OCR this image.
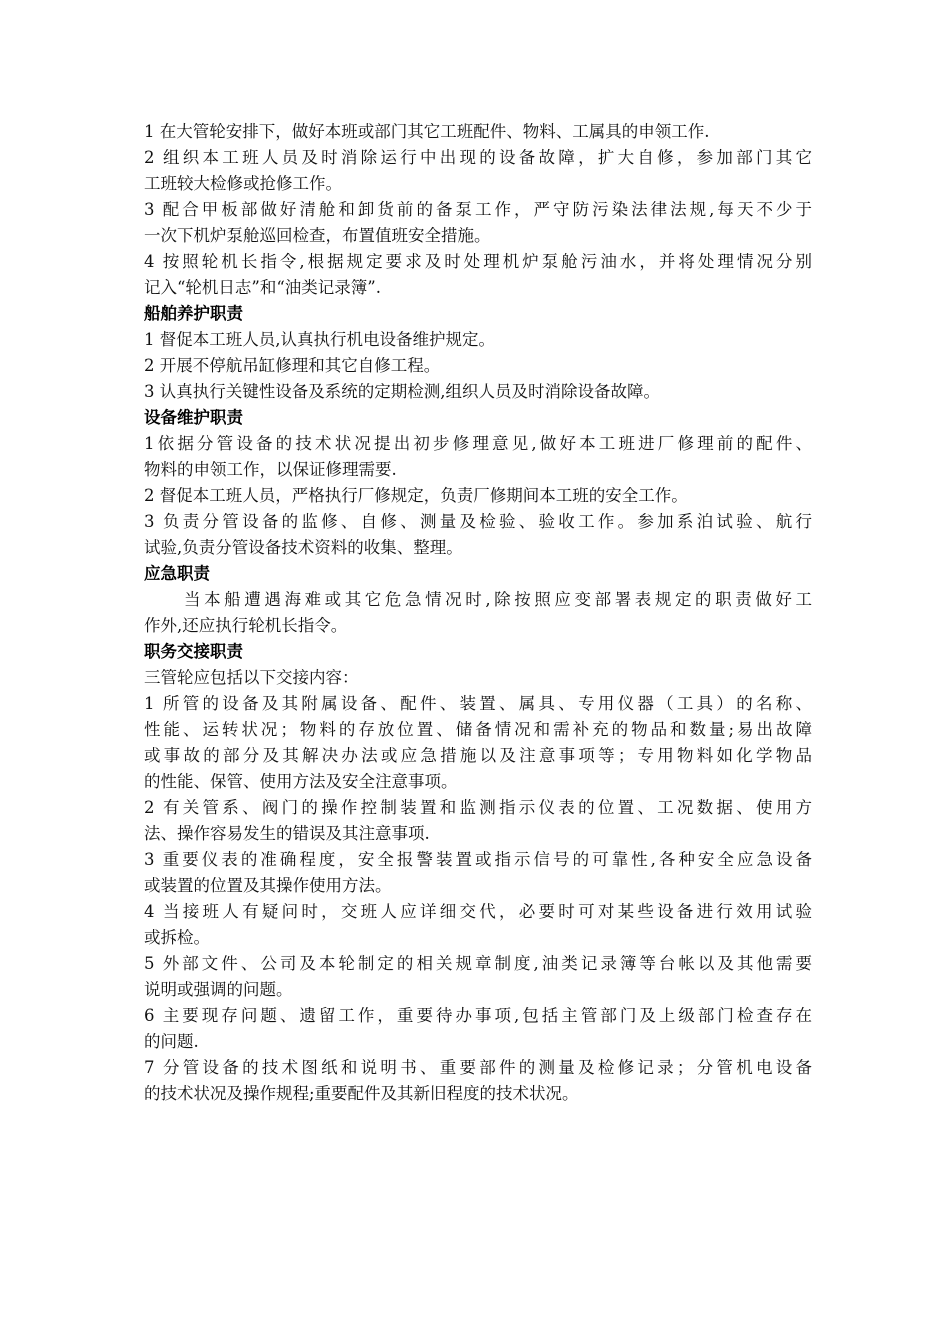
1 在大管轮安排下，做好本班或部门其它工班配件、物料、工属具的申领工作.
2 组织本工班人员及时消除运行中出现的设备故障，扩大自修，参加部门其它
工班较大检修或抢修工作。
3 配合甲板部做好清舱和卸货前的备泵工作，严守防污染法律法规,每天不少于
一次下机炉泵舱巡回检查，布置值班安全措施。
4 按照轮机长指令,根据规定要求及时处理机炉泵舱污油水，并将处理情况分别
记入“轮机日志”和“油类记录簿”.
船舶养护职责
1 督促本工班人员,认真执行机电设备维护规定。
2 开展不停航吊缸修理和其它自修工程。
3 认真执行关键性设备及系统的定期检测,组织人员及时消除设备故障。
设备维护职责
1依据分管设备的技术状况提出初步修理意见,做好本工班进厂修理前的配件、
物料的申领工作，以保证修理需要.
2 督促本工班人员，严格执行厂修规定，负责厂修期间本工班的安全工作。
3 负责分管设备的监修、自修、测量及检验、验收工作。参加系泊试验、航行
试验,负责分管设备技术资料的收集、整理。
应急职责
当本船遭遇海难或其它危急情况时,除按照应变部署表规定的职责做好工
作外,还应执行轮机长指令。
职务交接职责
三管轮应包括以下交接内容：
1 所管的设备及其附属设备、配件、装置、属具、专用仪器（工具）的名称、
性能、运转状况；物料的存放位置、储备情况和需补充的物品和数量;易出故障
或事故的部分及其解决办法或应急措施以及注意事项等；专用物料如化学物品
的性能、保管、使用方法及安全注意事项。
2 有关管系、阀门的操作控制装置和监测指示仪表的位置、工况数据、使用方
法、操作容易发生的错误及其注意事项.
3 重要仪表的准确程度，安全报警装置或指示信号的可靠性,各种安全应急设备
或装置的位置及其操作使用方法。
4 当接班人有疑问时，交班人应详细交代，必要时可对某些设备进行效用试验
或拆检。
5 外部文件、公司及本轮制定的相关规章制度,油类记录簿等台帐以及其他需要
说明或强调的问题。
6 主要现存问题、遗留工作，重要待办事项,包括主管部门及上级部门检查存在
的问题.
7 分管设备的技术图纸和说明书、重要部件的测量及检修记录；分管机电设备
的技术状况及操作规程;重要配件及其新旧程度的技术状况。
